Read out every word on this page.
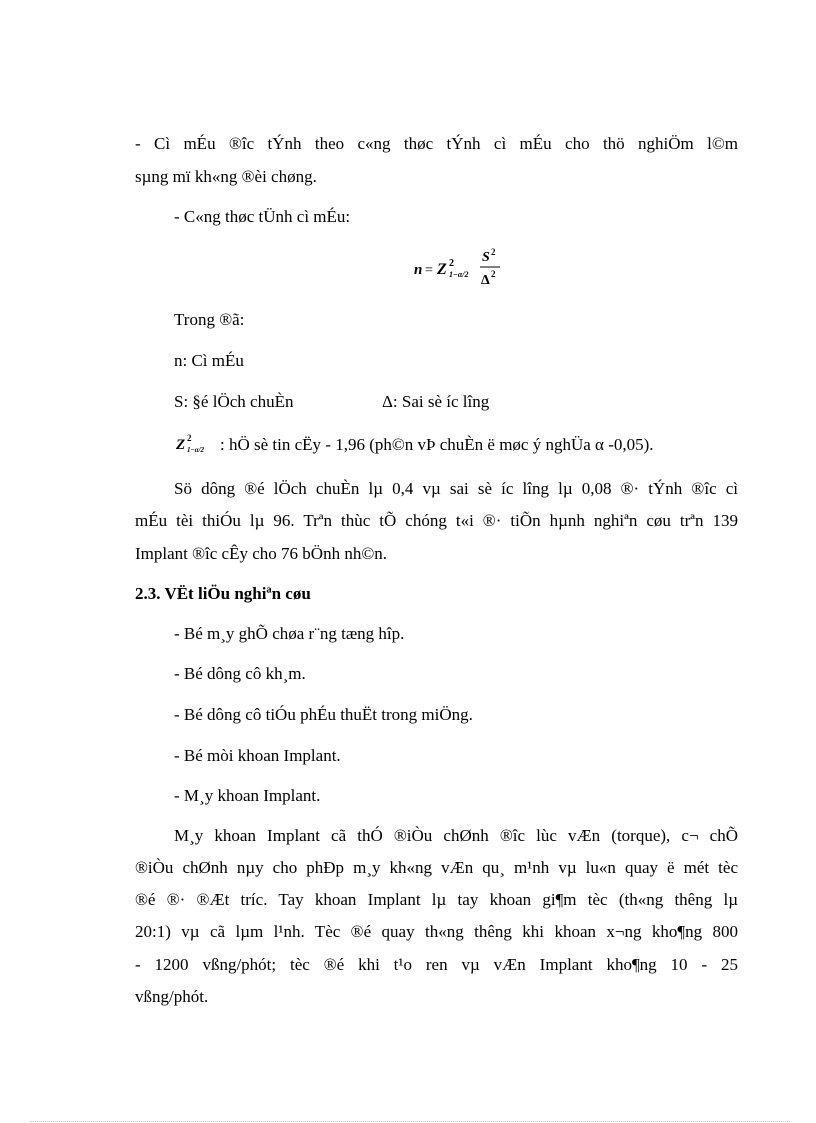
- Cì mÉu ®îc tÝnh theo c«ng thøc tÝnh cì mÉu cho thö nghiÖm l©m
sµng mï kh«ng ®èi chøng.
- C«ng thøc tÜnh cì mÉu:
n = Z 2
1−α/2
S 2
Δ 2
Trong ®ã:
n: Cì mÉu
S: §é lÖch chuÈn	Δ: Sai sè íc lîng
Z 2
1−α/2 : hÖ sè tin cËy - 1,96 (ph©n vÞ chuÈn ë møc ý nghÜa α -0,05).
Sö dông ®é lÖch chuÈn lµ 0,4 vµ sai sè íc lîng lµ 0,08 ®· tÝnh ®îc cì
mÉu tèi thiÓu lµ 96. Trªn thùc tÕ chóng t«i ®· tiÕn hµnh nghiªn cøu trªn 139
Implant ®îc cÊy cho 76 bÖnh nh©n.
2.3. VËt liÖu nghiªn cøu
- Bé m¸y ghÕ chøa r¨ng tæng hîp.
- Bé dông cô kh¸m.
- Bé dông cô tiÓu phÉu thuËt trong miÖng.
- Bé mòi khoan Implant.
- M¸y khoan Implant.
M¸y khoan Implant cã thÓ ®iÒu chØnh ®îc lùc vÆn (torque), c¬ chÕ
®iÒu chØnh nµy cho phÐp m¸y kh«ng vÆn qu¸ m¹nh vµ lu«n quay ë mét tèc
®é ®· ®Æt tríc. Tay khoan Implant lµ tay khoan gi¶m tèc (th«ng thêng lµ
20:1) vµ cã lµm l¹nh. Tèc ®é quay th«ng thêng khi khoan x¬ng kho¶ng 800
- 1200 vßng/phót; tèc ®é khi t¹o ren vµ vÆn Implant kho¶ng 10 - 25
vßng/phót.
